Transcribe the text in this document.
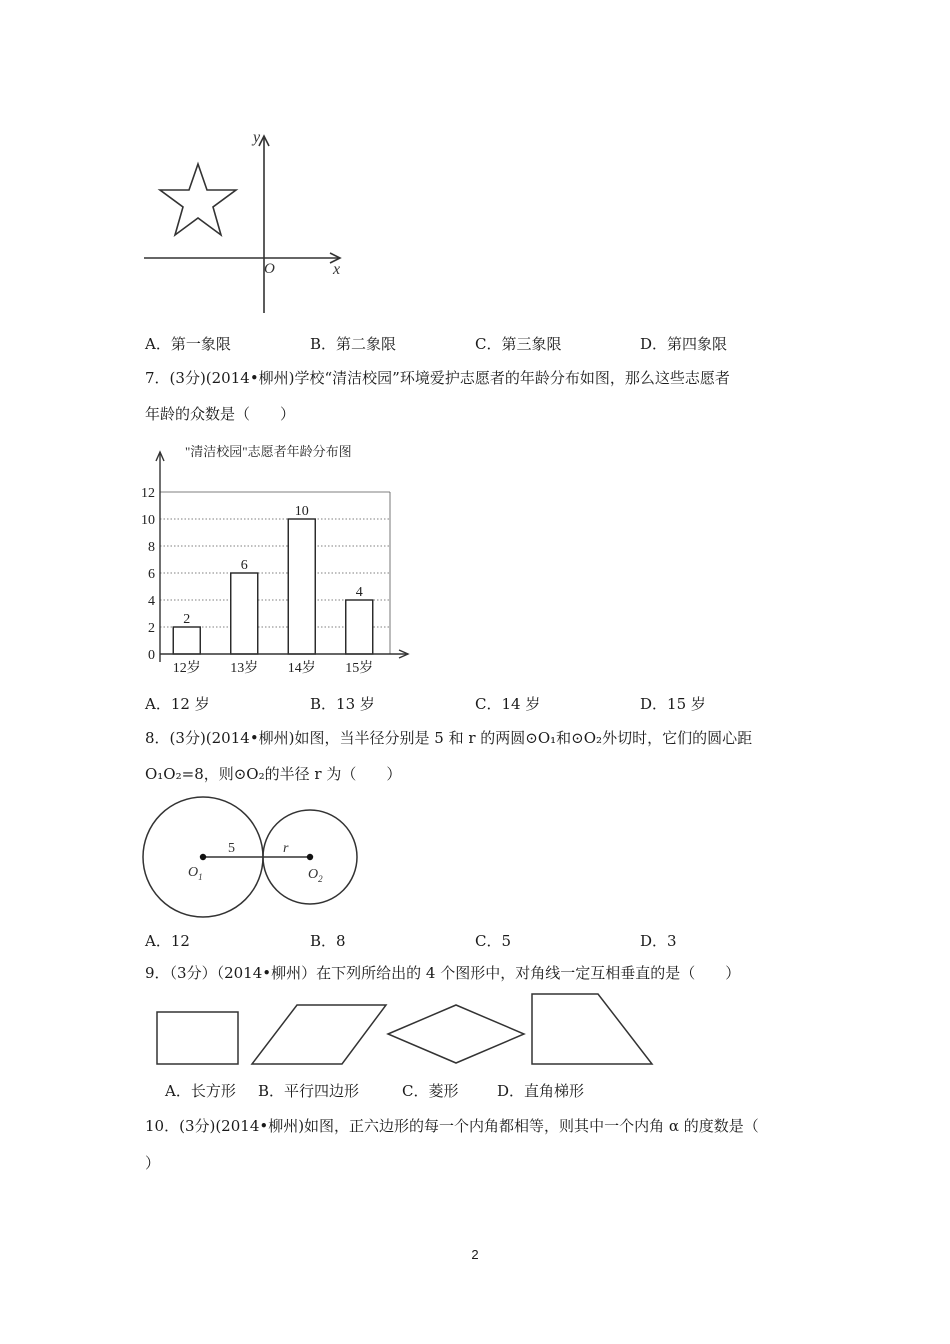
y
x
O
A．第一象限	B．第二象限	C．第三象限	D．第四象限
7．(3分)(2014•柳州)学校“清洁校园”环境爱护志愿者的年龄分布如图，那么这些志愿者
年龄的众数是（　　）
"清洁校园"志愿者年龄分布图
0
2
4
6
8
10
12
12岁 13岁 14岁 15岁
2
6
10
4
A．12 岁	B．13 岁	C．14 岁	D．15 岁
8．(3分)(2014•柳州)如图，当半径分别是 5 和 r 的两圆⊙O₁和⊙O₂外切时，它们的圆心距
O₁O₂=8，则⊙O₂的半径 r 为（　　）
5	r
$O_1$	$O_2$
A．12	B．8	C．5	D．3
9．（3分）（2014•柳州）在下列所给出的 4 个图形中，对角线一定互相垂直的是（　　）
A．长方形 B．平行四边形	C．菱形	D．直角梯形
10．(3分)(2014•柳州)如图，正六边形的每一个内角都相等，则其中一个内角 α 的度数是（
）
2
